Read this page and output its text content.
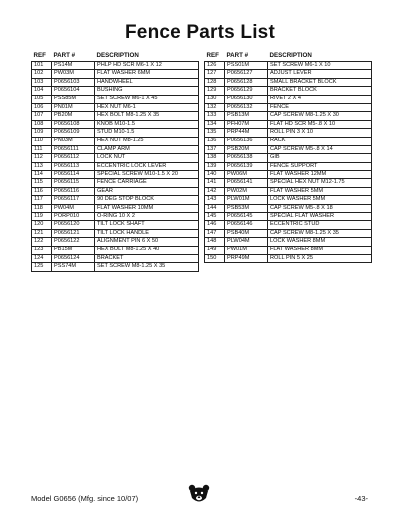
Fence Parts List
REF	PART #	DESCRIPTION
101	PS14M	PHLP HD SCR M6-1 X 12
102	PW03M	FLAT WASHER 6MM
103	P0656103	HANDWHEEL
104	P0656104	BUSHING
105	PSS85M	SET SCREW M6-1 X 45
106	PN01M	HEX NUT M6-1
107	PB20M	HEX BOLT M8-1.25 X 35
108	P0656108	KNOB M10-1.5
109	P0656109	STUD M10-1.5
110	PN03M	HEX NUT M8-1.25
111	P0656111	CLAMP ARM
112	P0656112	LOCK NUT
113	P0656113	ECCENTRIC LOCK LEVER
114	P0656114	SPECIAL SCREW M10-1.5 X 20
115	P0656115	FENCE CARRIAGE
116	P0656116	GEAR
117	P0656117	90 DEG STOP BLOCK
118	PW04M	FLAT WASHER 10MM
119	PORP010	O-RING 10 X 2
120	P0656120	TILT LOCK SHAFT
121	P0656121	TILT LOCK HANDLE
122	P0656122	ALIGNMENT PIN 6 X 50
123	PB15M	HEX BOLT M8-1.25 X 40
124	P0656124	BRACKET
125	PSS74M	SET SCREW M8-1.25 X 35
REF	PART #	DESCRIPTION
126	PSS01M	SET SCREW M6-1 X 10
127	P0656127	ADJUST LEVER
128	P0656128	SMALL BRACKET BLOCK
129	P0656129	BRACKET BLOCK
130	P0656130	RIVET 2 X 4
132	P0656132	FENCE
133	PSB13M	CAP SCREW M8-1.25 X 30
134	PFH07M	FLAT HD SCR M5-.8 X 10
135	PRP44M	ROLL PIN 3 X 10
136	P0656136	RACK
137	PSB20M	CAP SCREW M5-.8 X 14
138	P0656138	GIB
139	P0656139	FENCE SUPPORT
140	PW06M	FLAT WASHER 12MM
141	P0656141	SPECIAL HEX NUT M12-1.75
142	PW02M	FLAT WASHER 5MM
143	PLW01M	LOCK WASHER 5MM
144	PSB53M	CAP SCREW M5-.8 X 18
145	P0656145	SPECIAL FLAT WASHER
146	P0656146	ECCENTRIC STUD
147	PSB40M	CAP SCREW M8-1.25 X 35
148	PLW04M	LOCK WASHER 8MM
149	PW01M	FLAT WASHER 8MM
150	PRP49M	ROLL PIN 5 X 25
Model G0656 (Mfg. since 10/07)	-43-
